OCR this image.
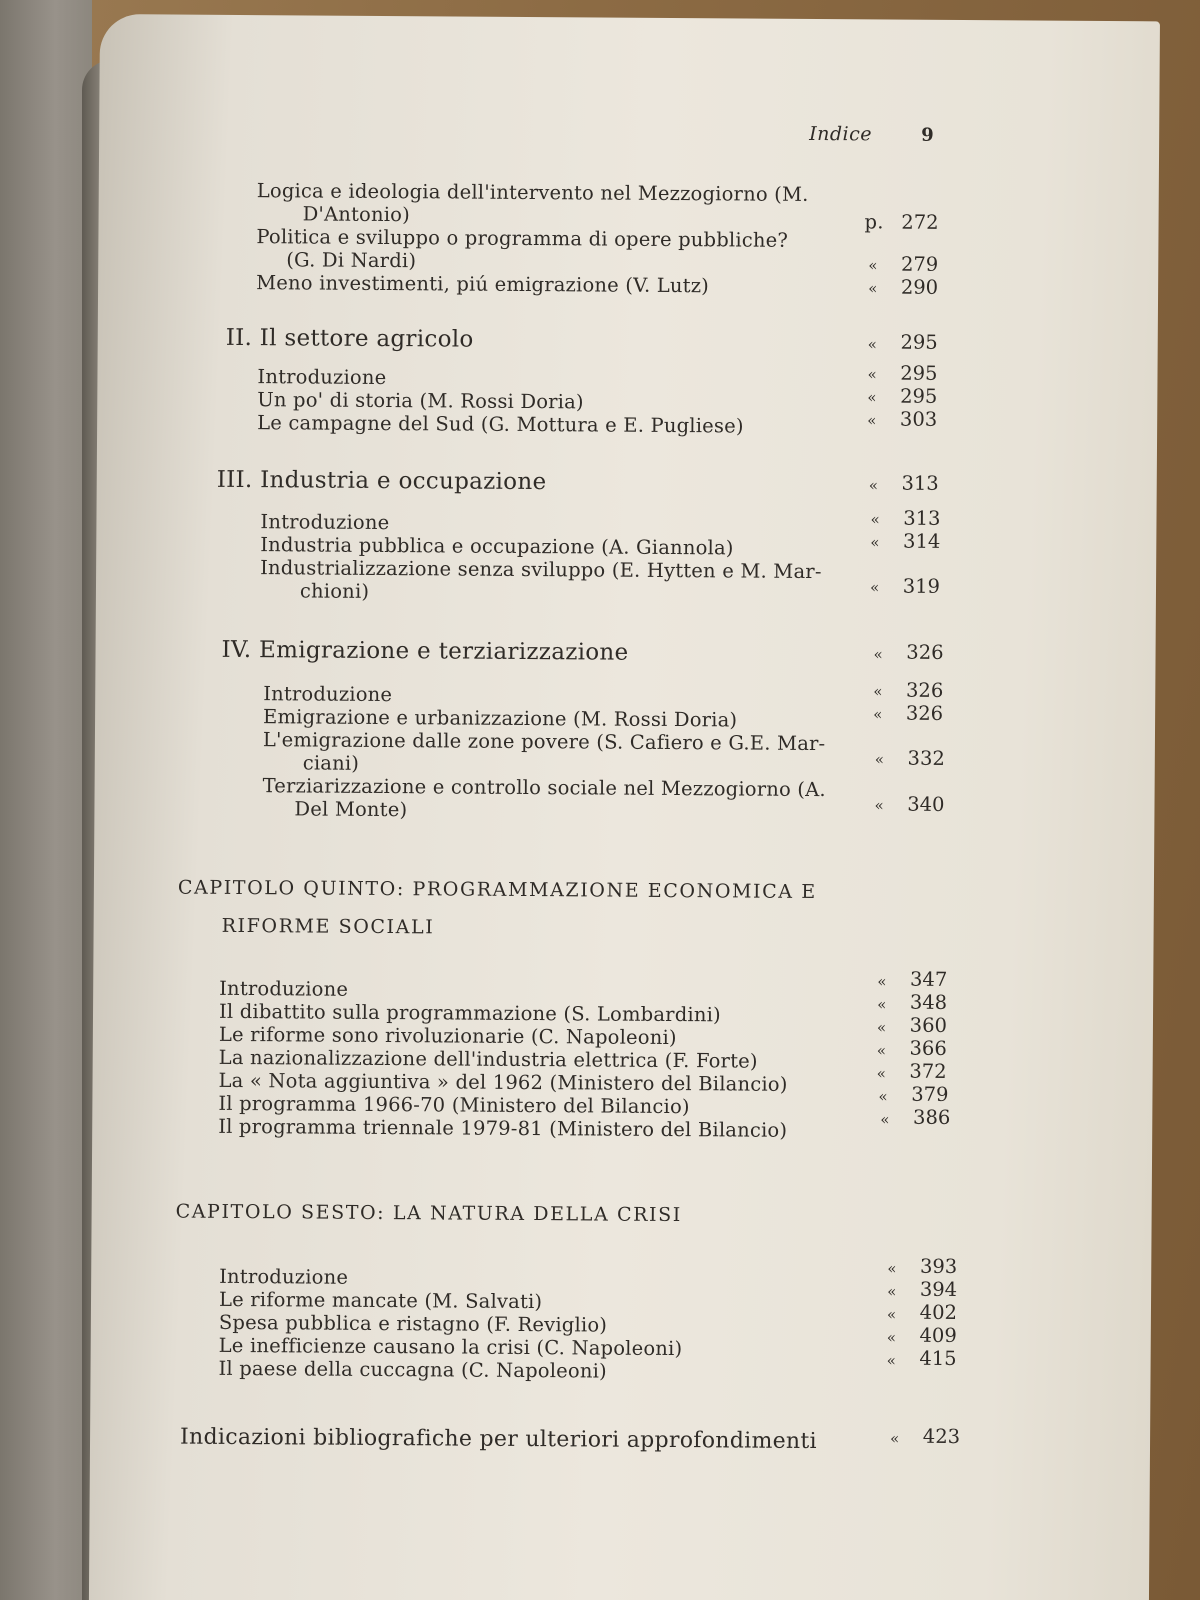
Indice	9
Logica e ideologia dell'intervento nel Mezzogiorno (M.
D'Antonio)	p. 272
Politica e sviluppo o programma di opere pubbliche?
(G. Di Nardi)	«	279
Meno investimenti, piú emigrazione (V. Lutz)	«	290
II. Il settore agricolo	«	295
Introduzione	«	295
Un po' di storia (M. Rossi Doria)	«	295
Le campagne del Sud (G. Mottura e E. Pugliese)	«	303
III. Industria e occupazione	«	313
Introduzione	«	313
Industria pubblica e occupazione (A. Giannola)	«	314
Industrializzazione senza sviluppo (E. Hytten e M. Mar-
chioni)	«	319
IV. Emigrazione e terziarizzazione	«	326
Introduzione	«	326
Emigrazione e urbanizzazione (M. Rossi Doria)	«	326
L'emigrazione dalle zone povere (S. Cafiero e G.E. Mar-
ciani)	«	332
Terziarizzazione e controllo sociale nel Mezzogiorno (A.
Del Monte)	«	340
CAPITOLO QUINTO: PROGRAMMAZIONE ECONOMICA E
RIFORME SOCIALI
Introduzione	«	347
Il dibattito sulla programmazione (S. Lombardini)	«	348
Le riforme sono rivoluzionarie (C. Napoleoni)	«	360
La nazionalizzazione dell'industria elettrica (F. Forte)	«	366
La « Nota aggiuntiva » del 1962 (Ministero del Bilancio)	«	372
Il programma 1966-70 (Ministero del Bilancio)	«	379
Il programma triennale 1979-81 (Ministero del Bilancio)	«	386
CAPITOLO SESTO: LA NATURA DELLA CRISI
Introduzione	«	393
Le riforme mancate (M. Salvati)	«	394
Spesa pubblica e ristagno (F. Reviglio)	«	402
Le inefficienze causano la crisi (C. Napoleoni)	«	409
Il paese della cuccagna (C. Napoleoni)	«	415
Indicazioni bibliografiche per ulteriori approfondimenti	«	423
